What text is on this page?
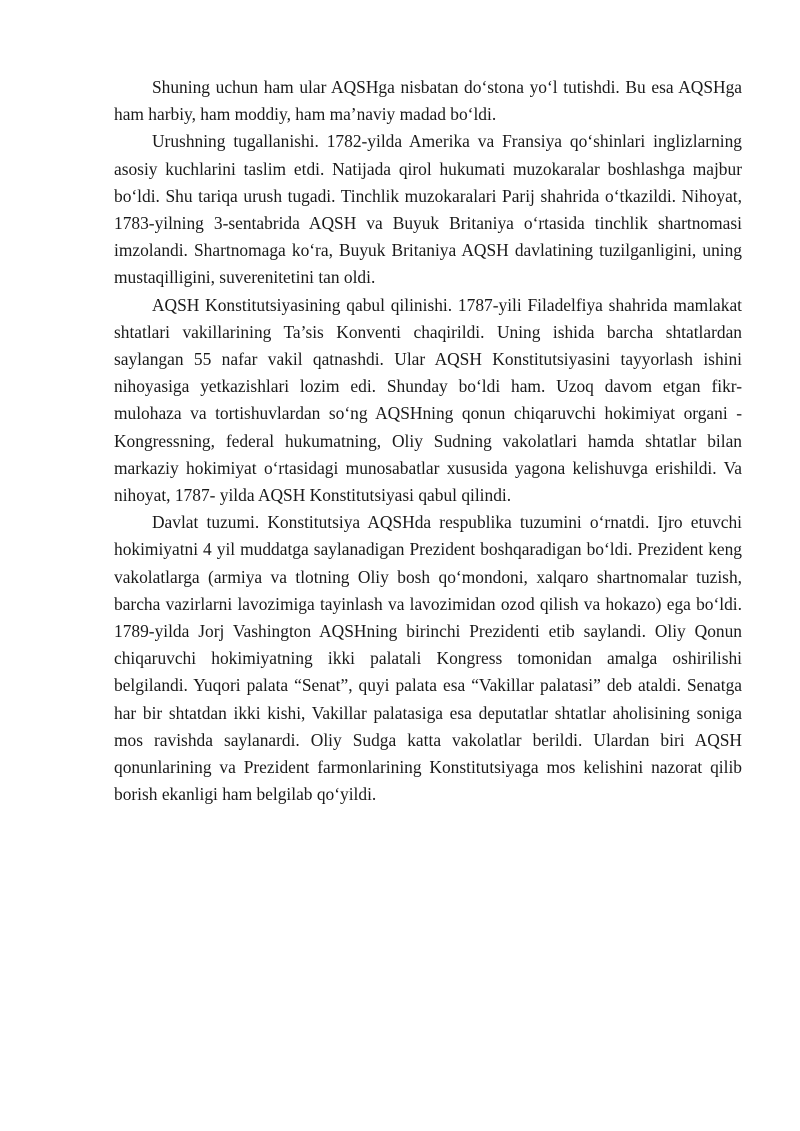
Shuning uchun ham ular AQSHga nisbatan do‘stona yo‘l tutishdi. Bu esa AQSHga ham harbiy, ham moddiy, ham ma’naviy madad bo‘ldi.

Urushning tugallanishi. 1782-yilda Amerika va Fransiya qo‘shinlari inglizlarning asosiy kuchlarini taslim etdi. Natijada qirol hukumati muzokaralar boshlashga majbur bo‘ldi. Shu tariqa urush tugadi. Tinchlik muzokaralari Parij shahrida o‘tkazildi. Nihoyat, 1783-yilning 3-sentabrida AQSH va Buyuk Britaniya o‘rtasida tinchlik shartnomasi imzolandi. Shartnomaga ko‘ra, Buyuk Britaniya AQSH davlatining tuzilganligini, uning mustaqilligini, suverenitetini tan oldi.

AQSH Konstitutsiyasining qabul qilinishi. 1787-yili Filadelfiya shahrida mamlakat shtatlari vakillarining Ta’sis Konventi chaqirildi. Uning ishida barcha shtatlardan saylangan 55 nafar vakil qatnashdi. Ular AQSH Konstitutsiyasini tayyorlash ishini nihoyasiga yetkazishlari lozim edi. Shunday bo‘ldi ham. Uzoq davom etgan fikr-mulohaza va tortishuvlardan so‘ng AQSHning qonun chiqaruvchi hokimiyat organi -Kongressning, federal hukumatning, Oliy Sudning vakolatlari hamda shtatlar bilan markaziy hokimiyat o‘rtasidagi munosabatlar xususida yagona kelishuvga erishildi. Va nihoyat, 1787- yilda AQSH Konstitutsiyasi qabul qilindi.

Davlat tuzumi. Konstitutsiya AQSHda respublika tuzumini o‘rnatdi. Ijro etuvchi hokimiyatni 4 yil muddatga saylanadigan Prezident boshqaradigan bo‘ldi. Prezident keng vakolatlarga (armiya va tlotning Oliy bosh qo‘mondoni, xalqaro shartnomalar tuzish, barcha vazirlarni lavozimiga tayinlash va lavozimidan ozod qilish va hokazo) ega bo‘ldi. 1789-yilda Jorj Vashington AQSHning birinchi Prezidenti etib saylandi. Oliy Qonun chiqaruvchi hokimiyatning ikki palatali Kongress tomonidan amalga oshirilishi belgilandi. Yuqori palata “Senat”, quyi palata esa “Vakillar palatasi” deb ataldi. Senatga har bir shtatdan ikki kishi, Vakillar palatasiga esa deputatlar shtatlar aholisining soniga mos ravishda saylanardi. Oliy Sudga katta vakolatlar berildi. Ulardan biri AQSH qonunlarining va Prezident farmonlarining Konstitutsiyaga mos kelishini nazorat qilib borish ekanligi ham belgilab qo‘yildi.
